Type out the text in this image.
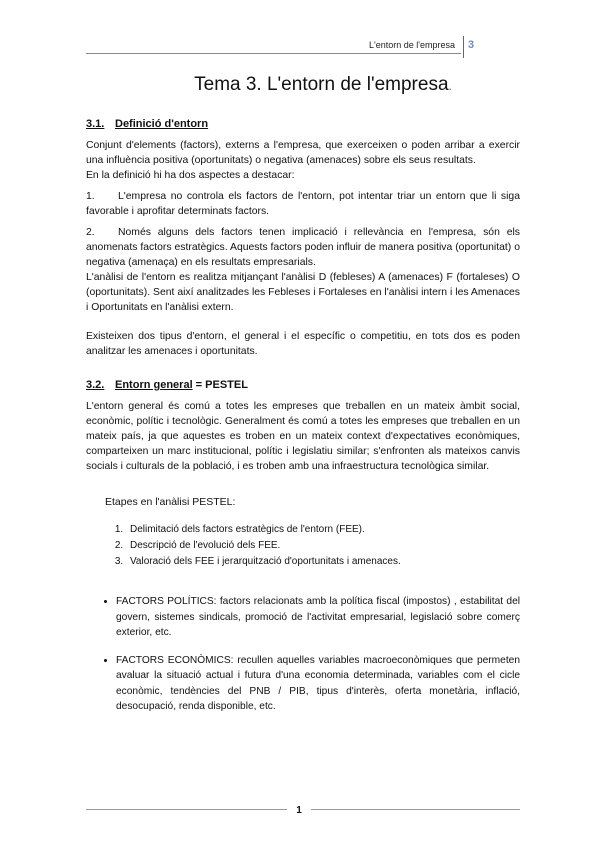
L'entorn de l'empresa 3
Tema 3. L'entorn de l'empresa.
3.1. Definició d'entorn

Conjunt d'elements (factors), externs a l'empresa, que exerceixen o poden arribar a exercir una influència positiva (oportunitats) o negativa (amenaces) sobre els seus resultats.

En la definició hi ha dos aspectes a destacar:

1. L'empresa no controla els factors de l'entorn, pot intentar triar un entorn que li siga favorable i aprofitar determinats factors.

2. Només alguns dels factors tenen implicació i rellevància en l'empresa, són els anomenats factors estratègics. Aquests factors poden influir de manera positiva (oportunitat) o negativa (amenaça) en els resultats empresarials.

L'anàlisi de l'entorn es realitza mitjançant l'anàlisi D (febleses) A (amenaces) F (fortaleses) O (oportunitats). Sent així analitzades les Febleses i Fortaleses en l'anàlisi intern i les Amenaces i Oportunitats en l'anàlisi extern.

Existeixen dos tipus d'entorn, el general i el específic o competitiu, en tots dos es poden analitzar les amenaces i oportunitats.

3.2. Entorn general = PESTEL

L'entorn general és comú a totes les empreses que treballen en un mateix àmbit social, econòmic, polític i tecnològic. Generalment és comú a totes les empreses que treballen en un mateix país, ja que aquestes es troben en un mateix context d'expectatives econòmiques, comparteixen un marc institucional, polític i legislatiu similar; s'enfronten als mateixos canvis socials i culturals de la població, i es troben amb una infraestructura tecnològica similar.

Etapes en l'anàlisi PESTEL:
1. Delimitació dels factors estratègics de l'entorn (FEE).
2. Descripció de l'evolució dels FEE.
3. Valoració dels FEE i jerarquització d'oportunitats i amenaces.
• FACTORS POLÍTICS: factors relacionats amb la política fiscal (impostos) , estabilitat del govern, sistemes sindicals, promoció de l'activitat empresarial, legislació sobre comerç exterior, etc.
• FACTORS ECONÒMICS: recullen aquelles variables macroeconòmiques que permeten avaluar la situació actual i futura d'una economia determinada, variables com el cicle econòmic, tendències del PNB / PIB, tipus d'interès, oferta monetària, inflació, desocupació, renda disponible, etc.
1
